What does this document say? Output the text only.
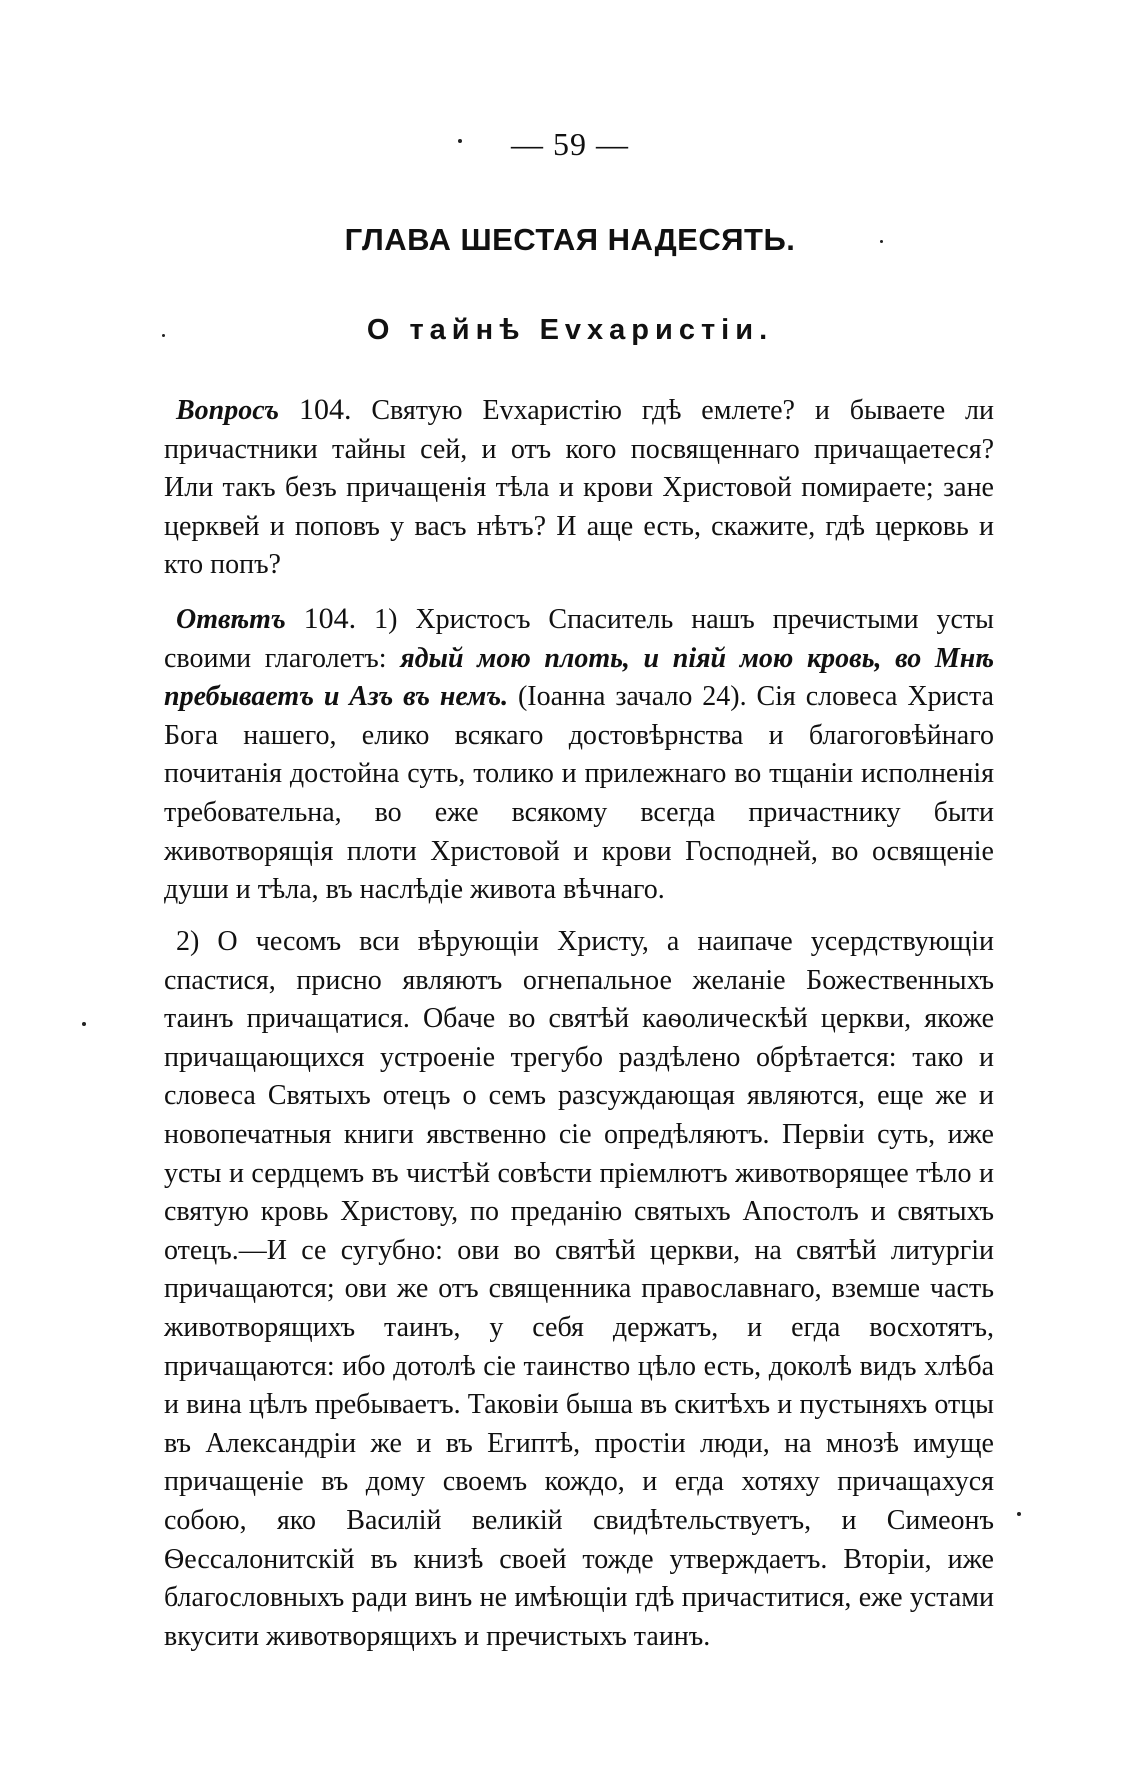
— 59 —
ГЛАВА ШЕСТАЯ НАДЕСЯТЬ.
О тайнѣ Еvхаристіи.

Вопросъ 104. Святую Еvхаристію гдѣ емлете? и бываете ли причастники тайны сей, и отъ кого посвященнаго причащаетеся? Или такъ безъ причащенія тѣла и крови Христовой помираете; зане церквей и поповъ у васъ нѣтъ? И аще есть, скажите, гдѣ церковь и кто попъ?

Отвѣтъ 104. 1) Христосъ Спаситель нашъ пречистыми усты своими глаголетъ: ядый мою плоть, и піяй мою кровь, во Мнѣ пребываетъ и Азъ въ немъ. (Іоанна зачало 24). Сія словеса Христа Бога нашего, елико всякаго достовѣрнства и благоговѣйнаго почитанія достойна суть, толико и прилежнаго во тщаніи исполненія требовательна, во еже всякому всегда причастнику быти животворящія плоти Христовой и крови Господней, во освященіе души и тѣла, въ наслѣдіе живота вѣчнаго.

2) О чесомъ вси вѣрующіи Христу, а наипаче усердствующіи спастися, присно являютъ огнепальное желаніе Божественныхъ таинъ причащатися. Обаче во святѣй каѳолическѣй церкви, якоже причащающихся устроеніе трегубо раздѣлено обрѣтается: тако и словеса Святыхъ отецъ о семъ разсуждающая являются, еще же и новопечатныя книги явственно сіе опредѣляютъ. Первіи суть, иже усты и сердцемъ въ чистѣй совѣсти пріемлютъ животворящее тѣло и святую кровь Христову, по преданію святыхъ Апостолъ и святыхъ отецъ.—И се сугубно: ови во святѣй церкви, на святѣй литургіи причащаются; ови же отъ священника православнаго, вземше часть животворящихъ таинъ, у себя держатъ, и егда восхотятъ, причащаются: ибо дотолѣ сіе таинство цѣло есть, доколѣ видъ хлѣба и вина цѣлъ пребываетъ. Таковіи быша въ скитѣхъ и пустыняхъ отцы въ Александріи же и въ Египтѣ, простіи люди, на мнозѣ имуще причащеніе въ дому своемъ кождо, и егда хотяху причащахуся собою, яко Василій великій свидѣтельствуетъ, и Симеонъ Ѳессалонитскій въ книзѣ своей тожде утверждаетъ. Вторіи, иже благословныхъ ради винъ не имѣющіи гдѣ причаститися, еже устами вкусити животворящихъ и пречистыхъ таинъ.
